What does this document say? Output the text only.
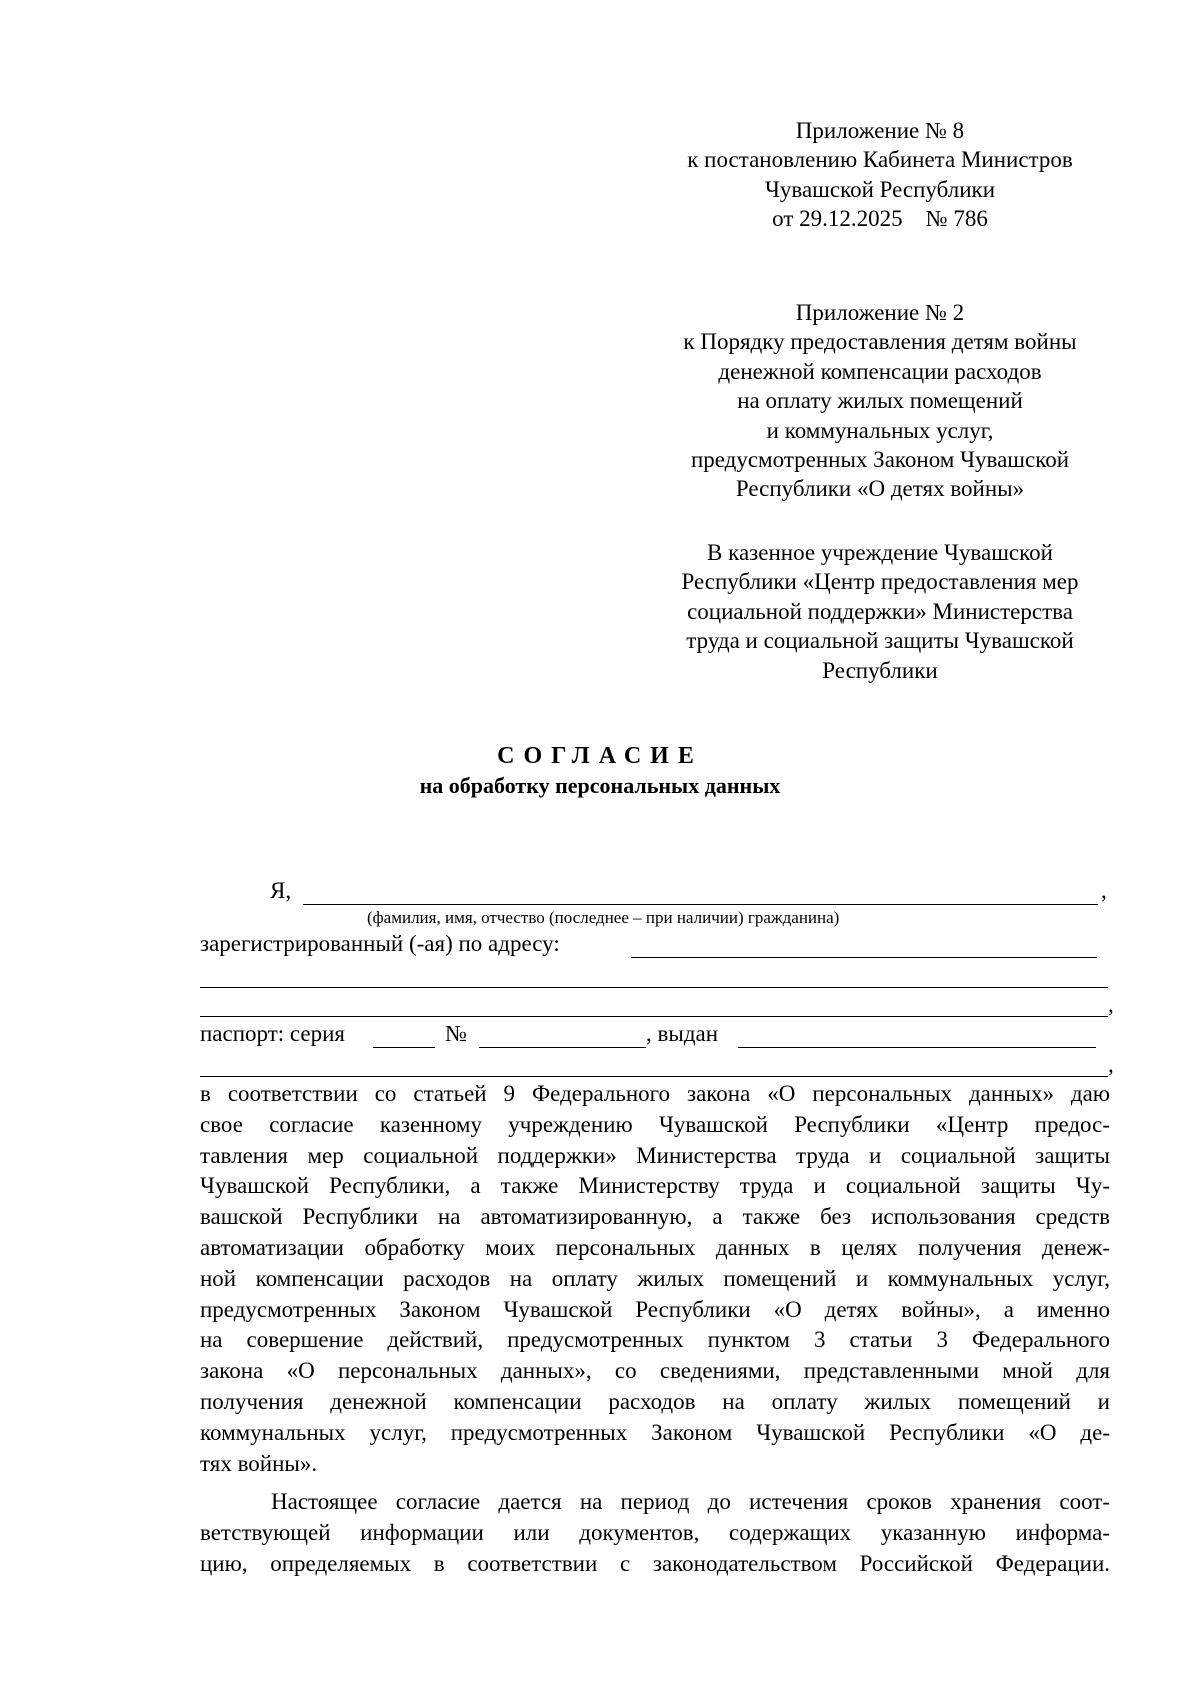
Приложение № 8
к постановлению Кабинета Министров
Чувашской Республики
от 29.12.2025    № 786
Приложение № 2
к Порядку предоставления детям войны
денежной компенсации расходов
на оплату жилых помещений
и коммунальных услуг,
предусмотренных Законом Чувашской
Республики «О детях войны»
В казенное учреждение Чувашской
Республики «Центр предоставления мер
социальной поддержки» Министерства
труда и социальной защиты Чувашской
Республики
СОГЛАСИЕ
на обработку персональных данных
Я,	,
(фамилия, имя, отчество (последнее – при наличии) гражданина)
зарегистрированный (-ая) по адресу:
,
паспорт: серия	№	, выдан
,
в соответствии со статьей 9 Федерального закона «О персональных данных» даю
свое согласие казенному учреждению Чувашской Республики «Центр предос-
тавления мер социальной поддержки» Министерства труда и социальной защиты
Чувашской Республики, а также Министерству труда и социальной защиты Чу-
вашской Республики на автоматизированную, а также без использования средств
автоматизации обработку моих персональных данных в целях получения денеж-
ной компенсации расходов на оплату жилых помещений и коммунальных услуг,
предусмотренных Законом Чувашской Республики «О детях войны», а именно
на совершение действий, предусмотренных пунктом 3 статьи 3 Федерального
закона «О персональных данных», со сведениями, представленными мной для
получения денежной компенсации расходов на оплату жилых помещений и
коммунальных услуг, предусмотренных Законом Чувашской Республики «О де-
тях войны».
Настоящее согласие дается на период до истечения сроков хранения соот-
ветствующей информации или документов, содержащих указанную информа-
цию, определяемых в соответствии с законодательством Российской Федерации.
